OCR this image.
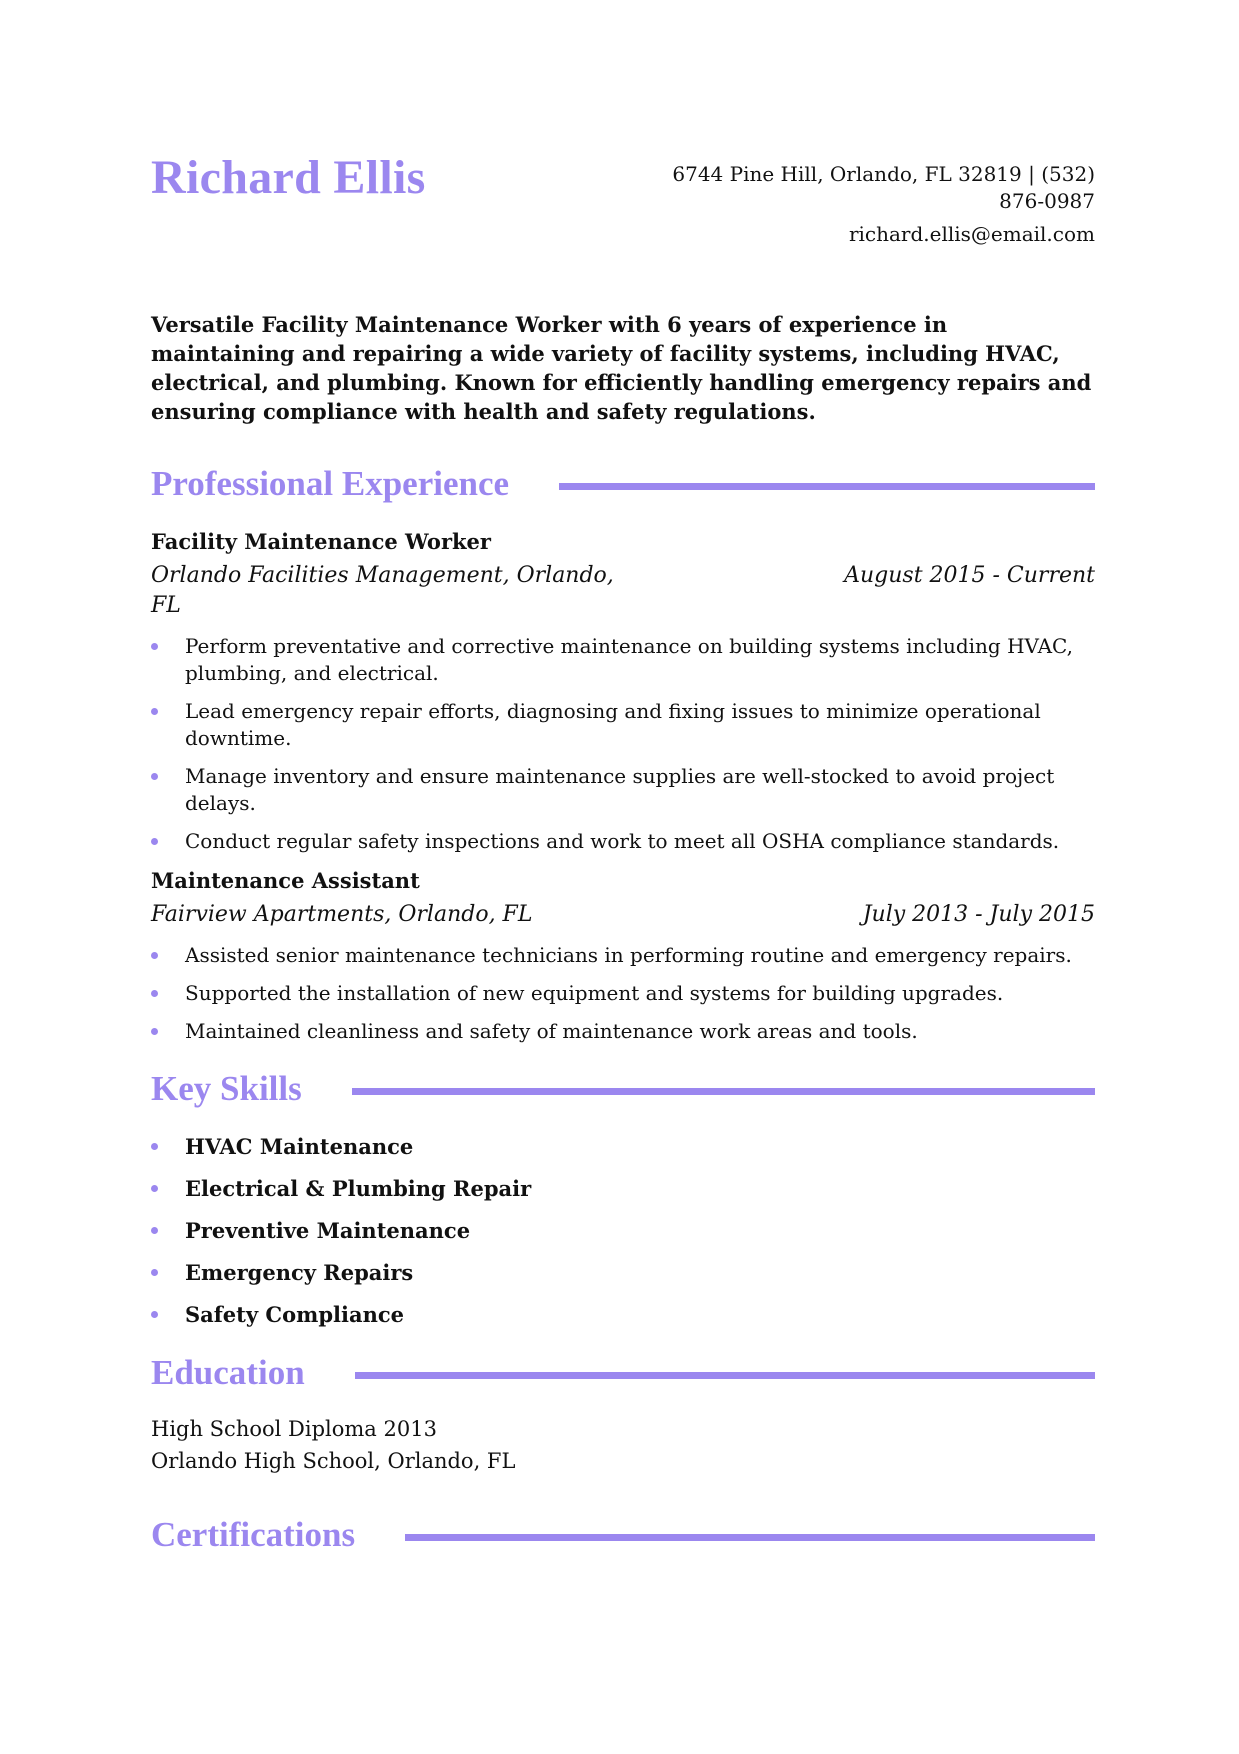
Richard Ellis	6744 Pine Hill, Orlando, FL 32819 | (532) 876-0987
richard.ellis@email.com
Versatile Facility Maintenance Worker with 6 years of experience in maintaining and repairing a wide variety of facility systems, including HVAC, electrical, and plumbing. Known for efficiently handling emergency repairs and ensuring compliance with health and safety regulations.
Professional Experience
Facility Maintenance Worker
Orlando Facilities Management, Orlando, FL
August 2015 - Current
Perform preventative and corrective maintenance on building systems including HVAC, plumbing, and electrical.
Lead emergency repair efforts, diagnosing and fixing issues to minimize operational downtime.
Manage inventory and ensure maintenance supplies are well-stocked to avoid project delays.
Conduct regular safety inspections and work to meet all OSHA compliance standards.
Maintenance Assistant
Fairview Apartments, Orlando, FL	July 2013 - July 2015
Assisted senior maintenance technicians in performing routine and emergency repairs.
Supported the installation of new equipment and systems for building upgrades.
Maintained cleanliness and safety of maintenance work areas and tools.
Key Skills
HVAC Maintenance
Electrical & Plumbing Repair
Preventive Maintenance
Emergency Repairs
Safety Compliance
Education
High School Diploma 2013
Orlando High School, Orlando, FL
Certifications
